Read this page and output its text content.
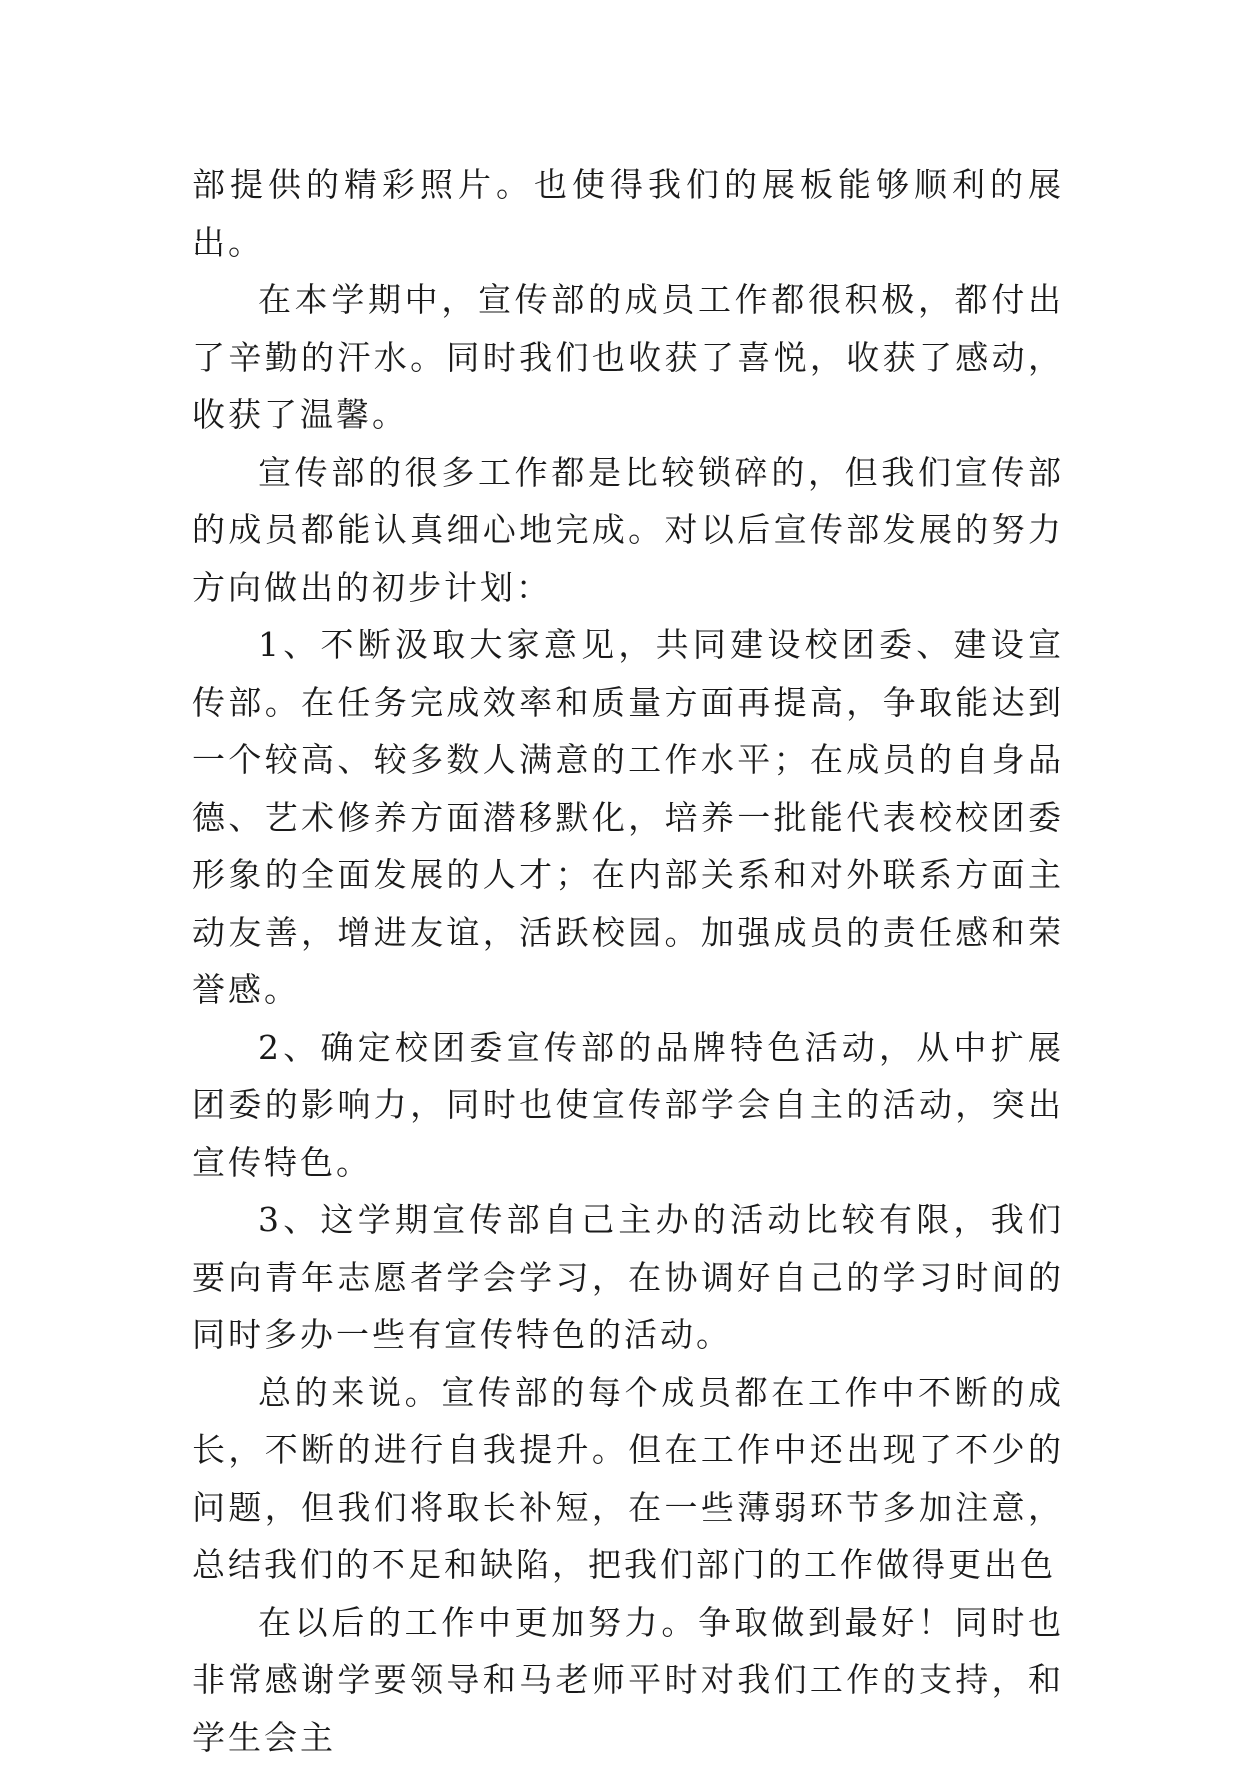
部提供的精彩照片。也使得我们的展板能够顺利的展出。

在本学期中，宣传部的成员工作都很积极，都付出了辛勤的汗水。同时我们也收获了喜悦，收获了感动，收获了温馨。

宣传部的很多工作都是比较锁碎的，但我们宣传部的成员都能认真细心地完成。对以后宣传部发展的努力方向做出的初步计划：

1、不断汲取大家意见，共同建设校团委、建设宣传部。在任务完成效率和质量方面再提高，争取能达到一个较高、较多数人满意的工作水平；在成员的自身品德、艺术修养方面潜移默化，培养一批能代表校校团委形象的全面发展的人才；在内部关系和对外联系方面主动友善，增进友谊，活跃校园。加强成员的责任感和荣誉感。

2、确定校团委宣传部的品牌特色活动，从中扩展团委的影响力，同时也使宣传部学会自主的活动，突出宣传特色。

3、这学期宣传部自己主办的活动比较有限，我们要向青年志愿者学会学习，在协调好自己的学习时间的同时多办一些有宣传特色的活动。

总的来说。宣传部的每个成员都在工作中不断的成长，不断的进行自我提升。但在工作中还出现了不少的问题，但我们将取长补短，在一些薄弱环节多加注意，总结我们的不足和缺陷，把我们部门的工作做得更出色

在以后的工作中更加努力。争取做到最好！同时也非常感谢学要领导和马老师平时对我们工作的支持，和学生会主
